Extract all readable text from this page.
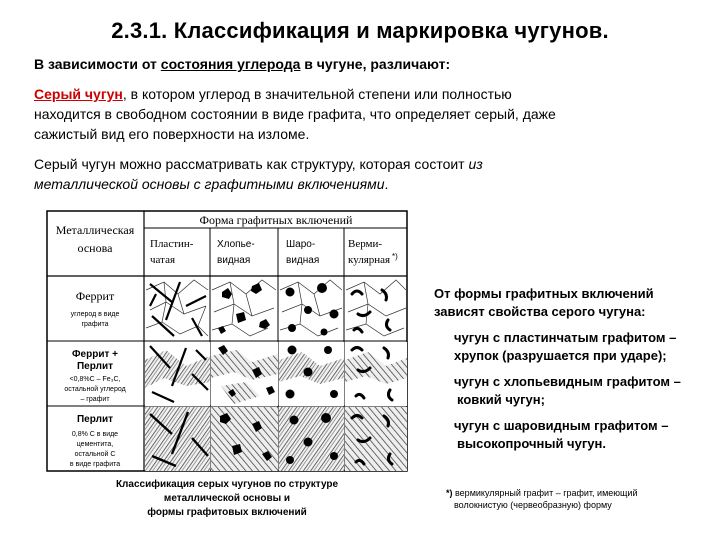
2.3.1. Классификация и маркировка чугунов.
В зависимости от состояния углерода в чугуне, различают:
Серый чугун, в котором углерод в значительной степени или полностью
находится в свободном состоянии в виде графита, что определяет серый, даже
сажистый вид его поверхности на изломе.
Серый чугун можно рассматривать как структуру, которая состоит из
металлической основы с графитными включениями.
Форма графитных включений
Металлическая
основа	Пластин-
чатая
Хлопье-
видная
Шаро-
видная
Верми-
кулярная *)
Феррит
углерод в виде
графита
Феррит +
Перлит
<0,8%C – Fe₃C,
остальной углерод
– графит
Перлит
0,8% C в виде
цементита,
остальной C
в виде графита
От формы графитных включений
зависят свойства серого чугуна:
чугун с пластинчатым графитом –
хрупок (разрушается при ударе);
чугун с хлопьевидным графитом –
ковкий чугун;
чугун с шаровидным графитом –
высокопрочный чугун.
Классификация серых чугунов по структуре
металлической основы и
формы графитовых включений
*) вермикулярный графит – графит, имеющий
волокнистую (червеобразную) форму
